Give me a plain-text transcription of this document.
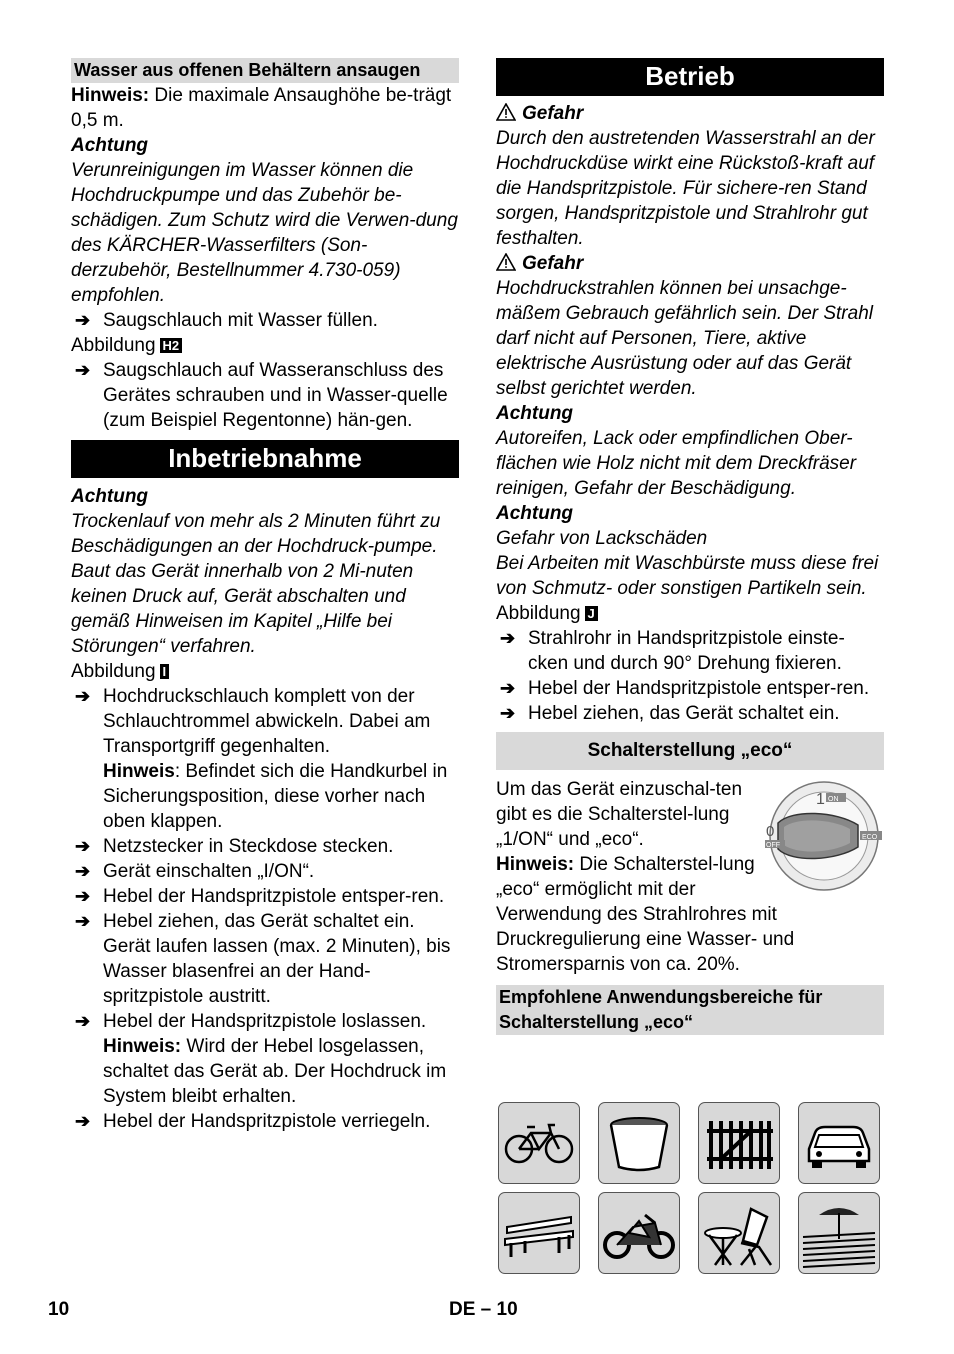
Wasser aus offenen Behältern ansaugen

Hinweis: Die maximale Ansaughöhe be-trägt 0,5 m.

Achtung

Verunreinigungen im Wasser können die Hochdruckpumpe und das Zubehör be-schädigen. Zum Schutz wird die Verwen-dung des KÄRCHER-Wasserfilters (Son-derzubehör, Bestellnummer 4.730-059) empfohlen.

➔ Saugschlauch mit Wasser füllen.

Abbildung H2

➔ Saugschlauch auf Wasseranschluss des Gerätes schrauben und in Wasser-quelle (zum Beispiel Regentonne) hän-gen.

Inbetriebnahme

Achtung

Trockenlauf von mehr als 2 Minuten führt zu Beschädigungen an der Hochdruck-pumpe. Baut das Gerät innerhalb von 2 Mi-nuten keinen Druck auf, Gerät abschalten und gemäß Hinweisen im Kapitel „Hilfe bei Störungen“ verfahren.

Abbildung I

➔ Hochdruckschlauch komplett von der Schlauchtrommel abwickeln. Dabei am Transportgriff gegenhalten.
Hinweis: Befindet sich die Handkurbel in Sicherungsposition, diese vorher nach oben klappen.

➔ Netzstecker in Steckdose stecken.

➔ Gerät einschalten „I/ON“.

➔ Hebel der Handspritzpistole entsper-ren.

➔ Hebel ziehen, das Gerät schaltet ein. Gerät laufen lassen (max. 2 Minuten), bis Wasser blasenfrei an der Hand-spritzpistole austritt.

➔ Hebel der Handspritzpistole loslassen.
Hinweis: Wird der Hebel losgelassen, schaltet das Gerät ab. Der Hochdruck im System bleibt erhalten.

➔ Hebel der Handspritzpistole verriegeln.

Betrieb

Gefahr

Durch den austretenden Wasserstrahl an der Hochdruckdüse wirkt eine Rückstoß-kraft auf die Handspritzpistole. Für sichere-ren Stand sorgen, Handspritzpistole und Strahlrohr gut festhalten.

Gefahr

Hochdruckstrahlen können bei unsachge-mäßem Gebrauch gefährlich sein. Der Strahl darf nicht auf Personen, Tiere, aktive elektrische Ausrüstung oder auf das Gerät selbst gerichtet werden.

Achtung

Autoreifen, Lack oder empfindlichen Ober-flächen wie Holz nicht mit dem Dreckfräser reinigen, Gefahr der Beschädigung.

Achtung

Gefahr von Lackschäden

Bei Arbeiten mit Waschbürste muss diese frei von Schmutz- oder sonstigen Partikeln sein.

Abbildung J

➔ Strahlrohr in Handspritzpistole einste-cken und durch 90° Drehung fixieren.

➔ Hebel der Handspritzpistole entsper-ren.

➔ Hebel ziehen, das Gerät schaltet ein.

Schalterstellung „eco“
1 ON
0
OFF
ECO

Um das Gerät einzuschal-ten gibt es die Schalterstel-lung „1/ON“ und „eco“.

Hinweis: Die Schalterstel-lung „eco“ ermöglicht mit der Verwendung des Strahlrohres mit Druckregulierung eine Wasser- und Stromersparnis von ca. 20%.

Empfohlene Anwendungsbereiche für Schalterstellung „eco“
10	DE – 10
